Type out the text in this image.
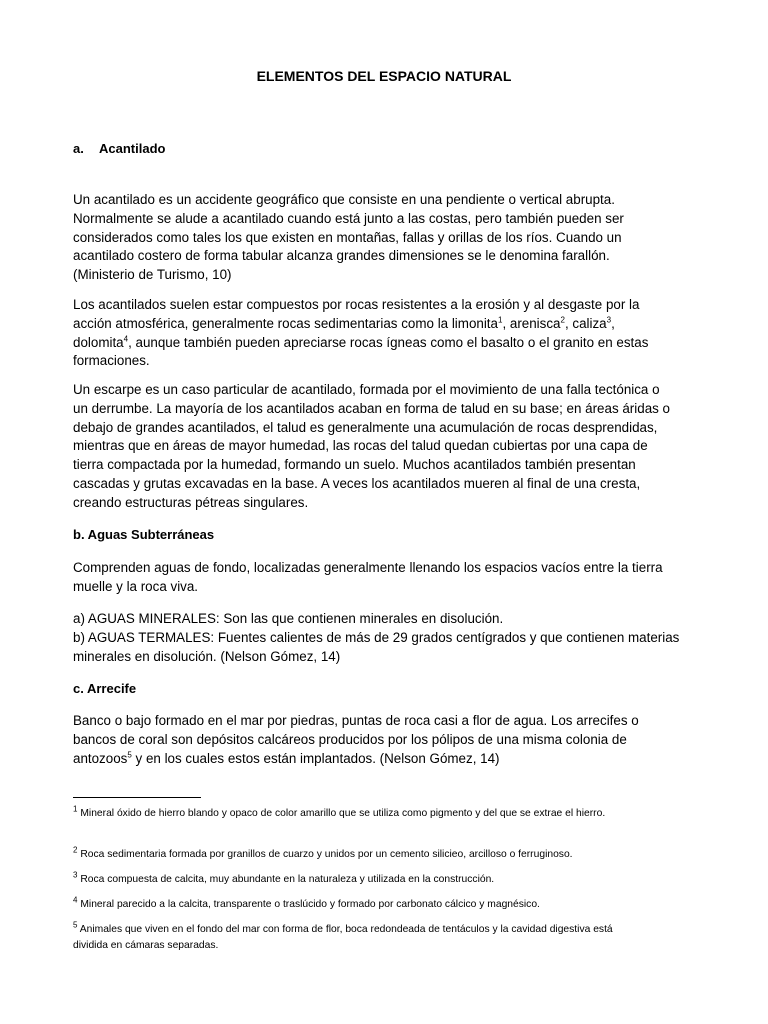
ELEMENTOS DEL ESPACIO NATURAL
a. Acantilado
Un acantilado es un accidente geográfico que consiste en una pendiente o vertical abrupta.
Normalmente se alude a acantilado cuando está junto a las costas, pero también pueden ser
considerados como tales los que existen en montañas, fallas y orillas de los ríos. Cuando un
acantilado costero de forma tabular alcanza grandes dimensiones se le denomina farallón.
(Ministerio de Turismo, 10)
Los acantilados suelen estar compuestos por rocas resistentes a la erosión y al desgaste por la
acción atmosférica, generalmente rocas sedimentarias como la limonita$^1$, arenisca$^2$, caliza$^3$,
dolomita$^4$, aunque también pueden apreciarse rocas ígneas como el basalto o el granito en estas
formaciones.
Un escarpe es un caso particular de acantilado, formada por el movimiento de una falla tectónica o
un derrumbe. La mayoría de los acantilados acaban en forma de talud en su base; en áreas áridas o
debajo de grandes acantilados, el talud es generalmente una acumulación de rocas desprendidas,
mientras que en áreas de mayor humedad, las rocas del talud quedan cubiertas por una capa de
tierra compactada por la humedad, formando un suelo. Muchos acantilados también presentan
cascadas y grutas excavadas en la base. A veces los acantilados mueren al final de una cresta,
creando estructuras pétreas singulares.
b. Aguas Subterráneas
Comprenden aguas de fondo, localizadas generalmente llenando los espacios vacíos entre la tierra
muelle y la roca viva.
a) AGUAS MINERALES: Son las que contienen minerales en disolución.
b) AGUAS TERMALES: Fuentes calientes de más de 29 grados centígrados y que contienen materias
minerales en disolución. (Nelson Gómez, 14)
c. Arrecife
Banco o bajo formado en el mar por piedras, puntas de roca casi a flor de agua. Los arrecifes o
bancos de coral son depósitos calcáreos producidos por los pólipos de una misma colonia de
antozoos$^5$ y en los cuales estos están implantados. (Nelson Gómez, 14)
$^1$ Mineral óxido de hierro blando y opaco de color amarillo que se utiliza como pigmento y del que se extrae el hierro.
$^2$ Roca sedimentaria formada por granillos de cuarzo y unidos por un cemento silicieo, arcilloso o ferruginoso.
$^3$ Roca compuesta de calcita, muy abundante en la naturaleza y utilizada en la construcción.
$^4$ Mineral parecido a la calcita, transparente o traslúcido y formado por carbonato cálcico y magnésico.
$^5$ Animales que viven en el fondo del mar con forma de flor, boca redondeada de tentáculos y la cavidad digestiva está
dividida en cámaras separadas.
